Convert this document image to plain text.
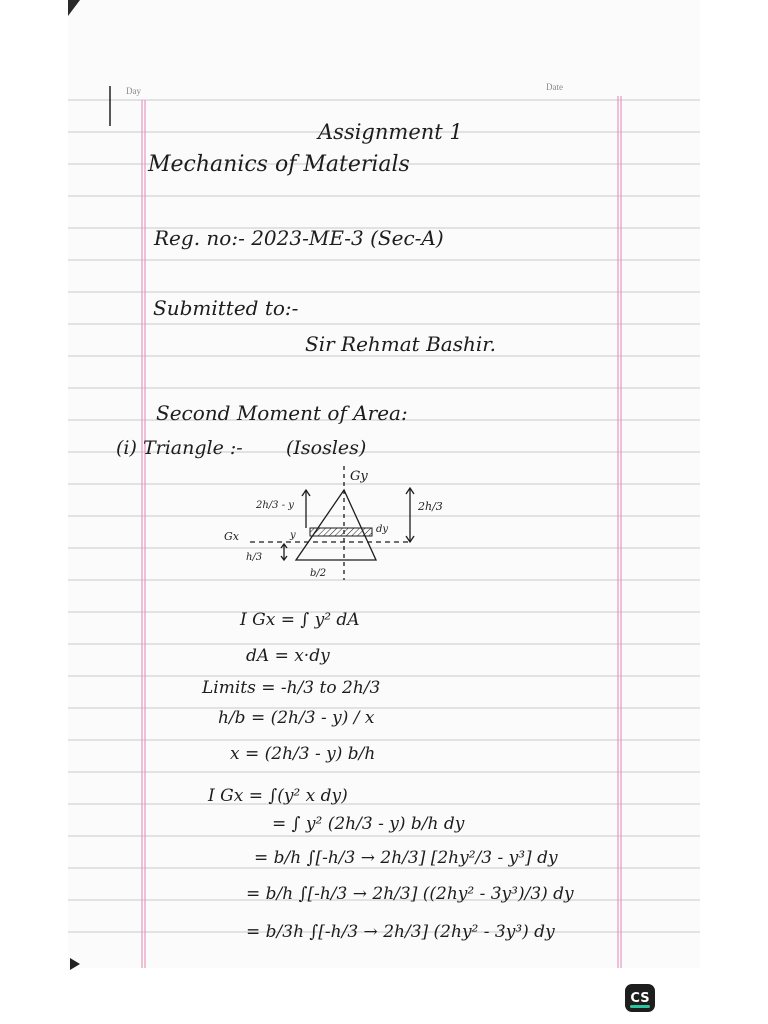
Day	Date
Assignment 1
Mechanics of Materials
Reg. no:- 2023-ME-3 (Sec-A)
Submitted to:-
Sir Rehmat Bashir.
Second Moment of Area:
(i) Triangle :- (Isosles)
Gy
2h/3 - y	2h/3
Gx
h/3
b/2
y
dy
I Gx = ∫ y² dA
dA = x·dy
Limits = -h/3 to 2h/3
h/b = (2h/3 - y) / x
x = (2h/3 - y) b/h
I Gx = ∫(y² x dy)
= ∫ y² (2h/3 - y) b/h dy
= b/h ∫[-h/3 → 2h/3] [2hy²/3 - y³] dy
= b/h ∫[-h/3 → 2h/3] ((2hy² - 3y³)/3) dy
= b/3h ∫[-h/3 → 2h/3] (2hy² - 3y³) dy
CS
